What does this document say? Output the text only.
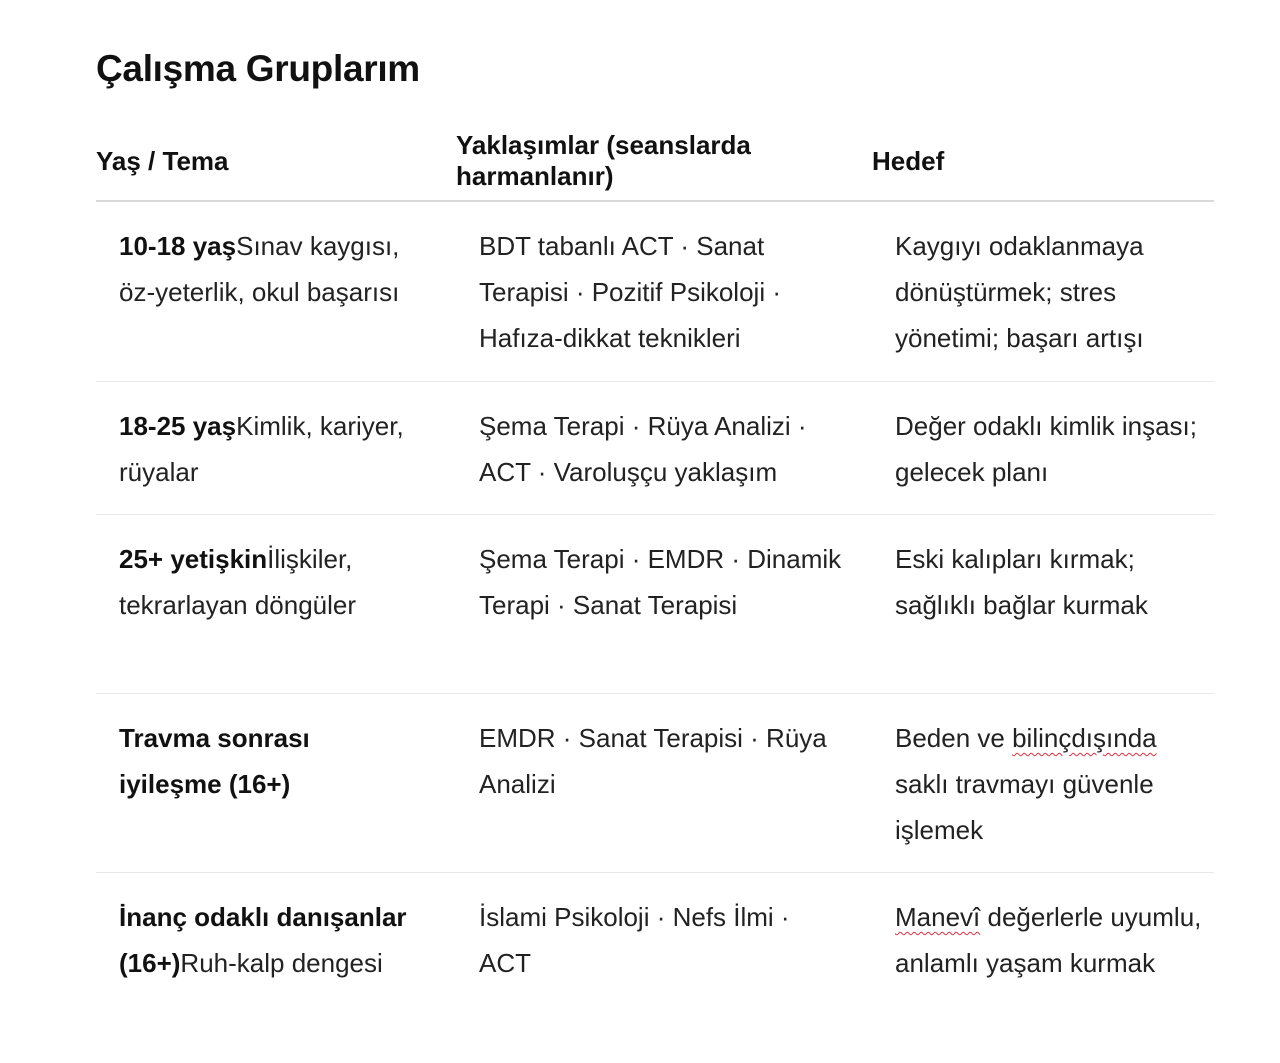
Çalışma Gruplarım
Yaş / Tema
Yaklaşımlar (seanslarda harmanlanır)
Hedef
10-18 yaşSınav kaygısı, öz-yeterlik, okul başarısı
BDT tabanlı ACT · Sanat Terapisi · Pozitif Psikoloji · Hafıza-dikkat teknikleri
Kaygıyı odaklanmaya dönüştürmek; stres yönetimi; başarı artışı
18-25 yaşKimlik, kariyer, rüyalar
Şema Terapi · Rüya Analizi · ACT · Varoluşçu yaklaşım
Değer odaklı kimlik inşası; gelecek planı
25+ yetişkinİlişkiler, tekrarlayan döngüler
Şema Terapi · EMDR · Dinamik Terapi · Sanat Terapisi
Eski kalıpları kırmak; sağlıklı bağlar kurmak
Travma sonrası iyileşme (16+)
EMDR · Sanat Terapisi · Rüya Analizi
Beden ve bilinçdışında saklı travmayı güvenle işlemek
İnanç odaklı danışanlar (16+)Ruh-kalp dengesi
İslami Psikoloji · Nefs İlmi · ACT
Manevî değerlerle uyumlu, anlamlı yaşam kurmak
